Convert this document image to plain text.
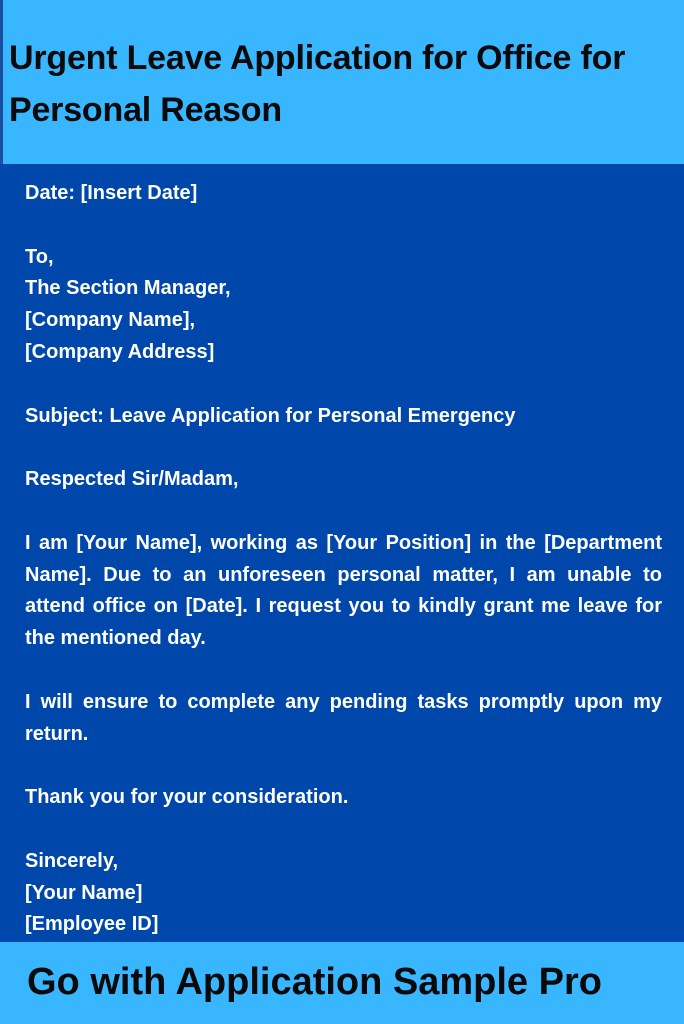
Urgent Leave Application for Office for Personal Reason

Date: [Insert Date]

To,
The Section Manager,
[Company Name],
[Company Address]

Subject: Leave Application for Personal Emergency

Respected Sir/Madam,

I am [Your Name], working as [Your Position] in the [Department Name]. Due to an unforeseen personal matter, I am unable to attend office on [Date]. I request you to kindly grant me leave for the mentioned day.

I will ensure to complete any pending tasks promptly upon my return.

Thank you for your consideration.

Sincerely,
[Your Name]
[Employee ID]

Go with Application Sample Pro
